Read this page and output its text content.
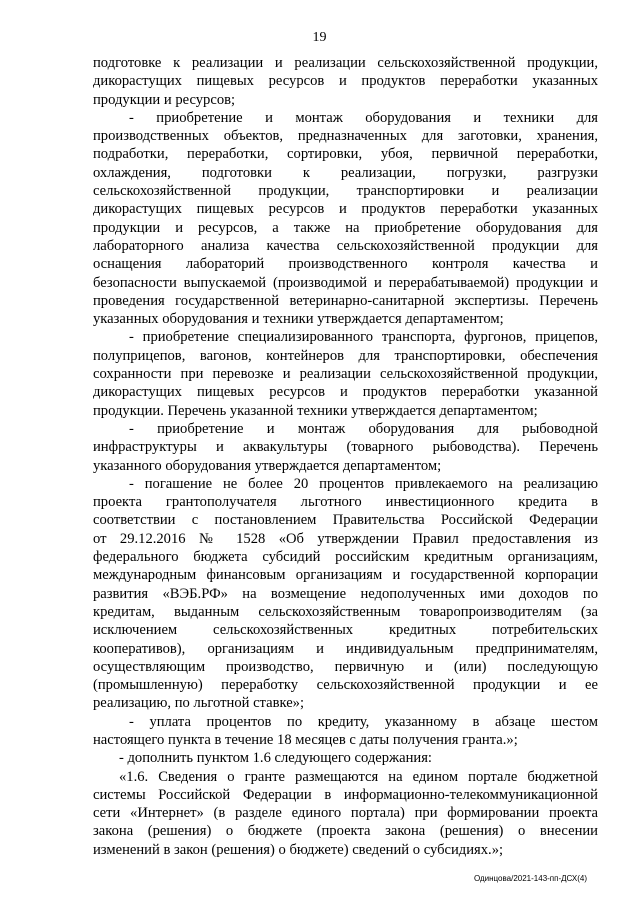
19
подготовке к реализации и реализации сельскохозяйственной продукции,
дикорастущих пищевых ресурсов и продуктов переработки указанных
продукции и ресурсов;
- приобретение и монтаж оборудования и техники для
производственных объектов, предназначенных для заготовки, хранения,
подработки, переработки, сортировки, убоя, первичной переработки,
охлаждения, подготовки к реализации, погрузки, разгрузки
сельскохозяйственной продукции, транспортировки и реализации
дикорастущих пищевых ресурсов и продуктов переработки указанных
продукции и ресурсов, а также на приобретение оборудования для
лабораторного анализа качества сельскохозяйственной продукции для
оснащения лабораторий производственного контроля качества и
безопасности выпускаемой (производимой и перерабатываемой) продукции и
проведения государственной ветеринарно-санитарной экспертизы. Перечень
указанных оборудования и техники утверждается департаментом;
- приобретение специализированного транспорта, фургонов, прицепов,
полуприцепов, вагонов, контейнеров для транспортировки, обеспечения
сохранности при перевозке и реализации сельскохозяйственной продукции,
дикорастущих пищевых ресурсов и продуктов переработки указанной
продукции. Перечень указанной техники утверждается департаментом;
- приобретение и монтаж оборудования для рыбоводной
инфраструктуры и аквакультуры (товарного рыбоводства). Перечень
указанного оборудования утверждается департаментом;
- погашение не более 20 процентов привлекаемого на реализацию
проекта грантополучателя льготного инвестиционного кредита в
соответствии с постановлением Правительства Российской Федерации
от 29.12.2016 № 1528 «Об утверждении Правил предоставления из
федерального бюджета субсидий российским кредитным организациям,
международным финансовым организациям и государственной корпорации
развития «ВЭБ.РФ» на возмещение недополученных ими доходов по
кредитам, выданным сельскохозяйственным товаропроизводителям (за
исключением сельскохозяйственных кредитных потребительских
кооперативов), организациям и индивидуальным предпринимателям,
осуществляющим производство, первичную и (или) последующую
(промышленную) переработку сельскохозяйственной продукции и ее
реализацию, по льготной ставке»;
- уплата процентов по кредиту, указанному в абзаце шестом
настоящего пункта в течение 18 месяцев с даты получения гранта.»;
- дополнить пунктом 1.6 следующего содержания:
«1.6. Сведения о гранте размещаются на едином портале бюджетной
системы Российской Федерации в информационно-телекоммуникационной
сети «Интернет» (в разделе единого портала) при формировании проекта
закона (решения) о бюджете (проекта закона (решения) о внесении
изменений в закон (решения) о бюджете) сведений о субсидиях.»;
Одинцова/2021-143-пп-ДСХ(4)
